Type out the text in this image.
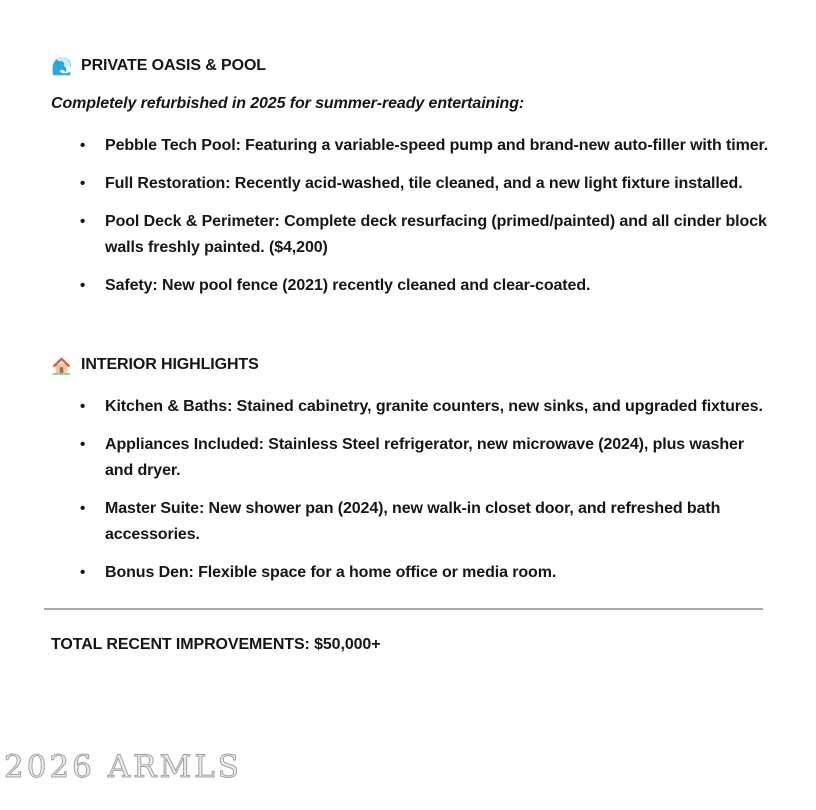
PRIVATE OASIS & POOL

Completely refurbished in 2025 for summer-ready entertaining:

• Pebble Tech Pool: Featuring a variable-speed pump and brand-new auto-filler with timer.
• Full Restoration: Recently acid-washed, tile cleaned, and a new light fixture installed.
• Pool Deck & Perimeter: Complete deck resurfacing (primed/painted) and all cinder block walls freshly painted. ($4,200)
• Safety: New pool fence (2021) recently cleaned and clear-coated.
INTERIOR HIGHLIGHTS
• Kitchen & Baths: Stained cabinetry, granite counters, new sinks, and upgraded fixtures.
• Appliances Included: Stainless Steel refrigerator, new microwave (2024), plus washer and dryer.
• Master Suite: New shower pan (2024), new walk-in closet door, and refreshed bath accessories.
• Bonus Den: Flexible space for a home office or media room.

TOTAL RECENT IMPROVEMENTS: $50,000+

2026 ARMLS
